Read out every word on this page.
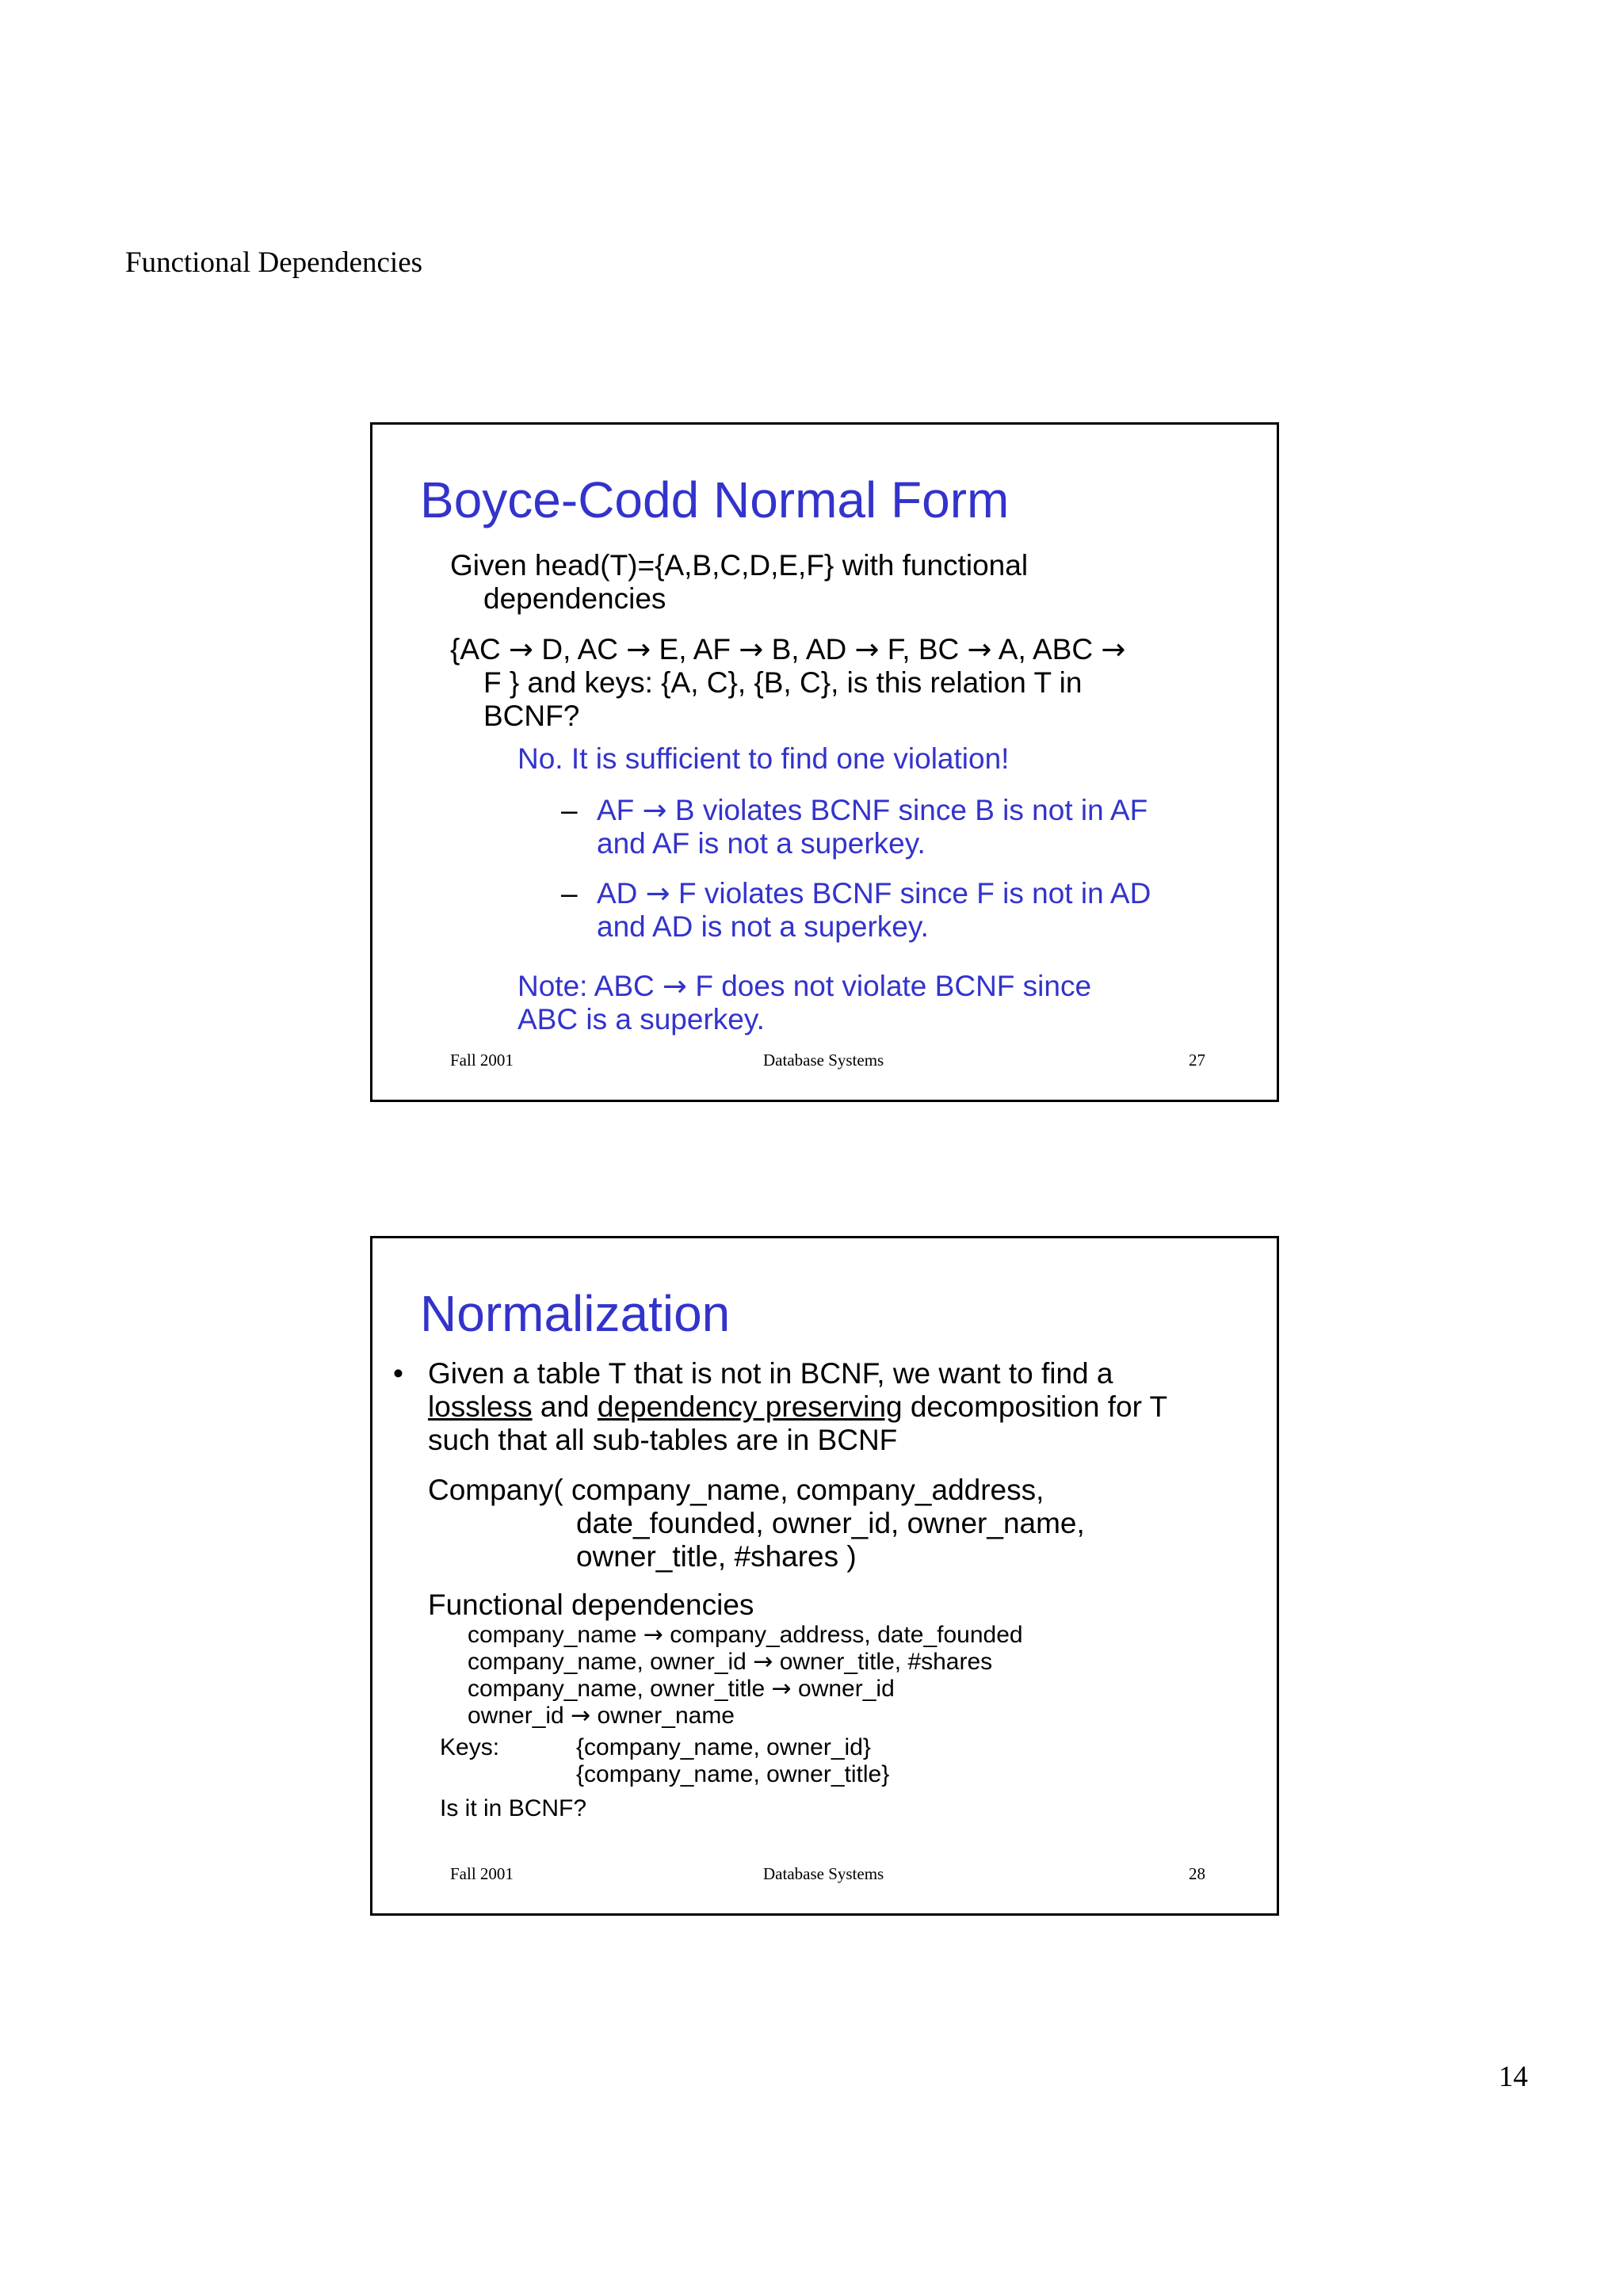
Functional Dependencies
Boyce-Codd Normal Form
Given head(T)={A,B,C,D,E,F} with functional
dependencies
{AC → D, AC → E, AF → B, AD → F, BC → A, ABC →
F } and keys: {A, C}, {B, C}, is this relation T in
BCNF?
No. It is sufficient to find one violation!
– AF → B violates BCNF since B is not in AF
and AF is not a superkey.
– AD → F violates BCNF since F is not in AD
and AD is not a superkey.
Note: ABC → F does not violate BCNF since
ABC is a superkey.
Fall 2001	Database Systems	27
Normalization
• Given a table T that is not in BCNF, we want to find a
lossless and dependency preserving decomposition for T
such that all sub-tables are in BCNF
Company( company_name, company_address,
date_founded, owner_id, owner_name,
owner_title, #shares )
Functional dependencies
company_name → company_address, date_founded
company_name, owner_id → owner_title, #shares
company_name, owner_title → owner_id
owner_id → owner_name
Keys:	{company_name, owner_id}
{company_name, owner_title}
Is it in BCNF?
Fall 2001	Database Systems	28
14
